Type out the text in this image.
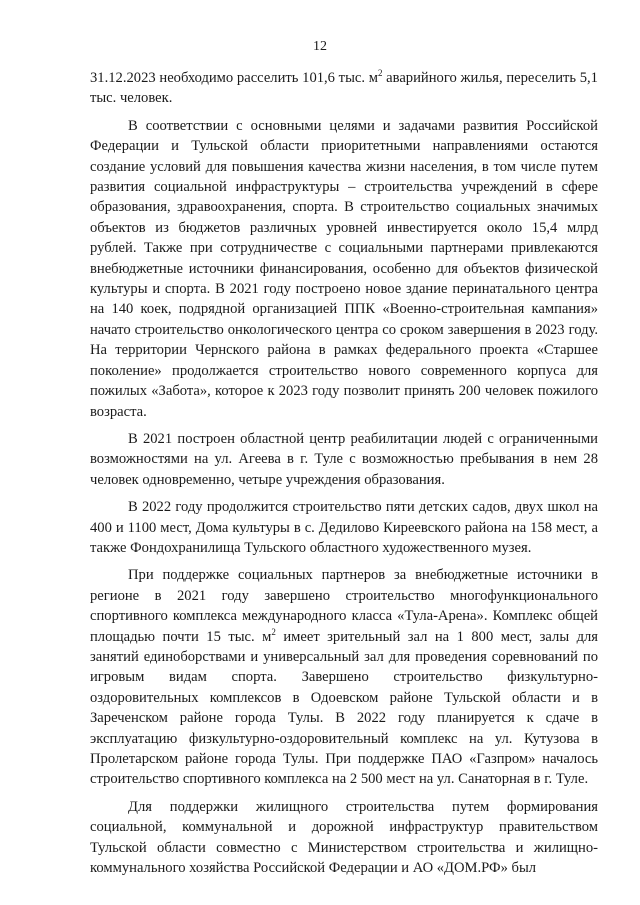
12

31.12.2023 необходимо расселить 101,6 тыс. $м^2$ аварийного жилья, переселить 5,1 тыс. человек.

В соответствии с основными целями и задачами развития Российской Федерации и Тульской области приоритетными направлениями остаются создание условий для повышения качества жизни населения, в том числе путем развития социальной инфраструктуры – строительства учреждений в сфере образования, здравоохранения, спорта. В строительство социальных значимых объектов из бюджетов различных уровней инвестируется около 15,4 млрд рублей. Также при сотрудничестве с социальными партнерами привлекаются внебюджетные источники финансирования, особенно для объектов физической культуры и спорта. В 2021 году построено новое здание перинатального центра на 140 коек, подрядной организацией ППК «Военно-строительная кампания» начато строительство онкологического центра со сроком завершения в 2023 году. На территории Чернского района в рамках федерального проекта «Старшее поколение» продолжается строительство нового современного корпуса для пожилых «Забота», которое к 2023 году позволит принять 200 человек пожилого возраста.

В 2021 построен областной центр реабилитации людей с ограниченными возможностями на ул. Агеева в г. Туле с возможностью пребывания в нем 28 человек одновременно, четыре учреждения образования.

В 2022 году продолжится строительство пяти детских садов, двух школ на 400 и 1100 мест, Дома культуры в с. Дедилово Киреевского района на 158 мест, а также Фондохранилища Тульского областного художественного музея.

При поддержке социальных партнеров за внебюджетные источники в регионе в 2021 году завершено строительство многофункционального спортивного комплекса международного класса «Тула-Арена». Комплекс общей площадью почти 15 тыс. $м^2$ имеет зрительный зал на 1 800 мест, залы для занятий единоборствами и универсальный зал для проведения соревнований по игровым видам спорта. Завершено строительство физкультурно-оздоровительных комплексов в Одоевском районе Тульской области и в Зареченском районе города Тулы. В 2022 году планируется к сдаче в эксплуатацию физкультурно-оздоровительный комплекс на ул. Кутузова в Пролетарском районе города Тулы. При поддержке ПАО «Газпром» началось строительство спортивного комплекса на 2 500 мест на ул. Санаторная в г. Туле.

Для поддержки жилищного строительства путем формирования социальной, коммунальной и дорожной инфраструктур правительством Тульской области совместно с Министерством строительства и жилищно-коммунального хозяйства Российской Федерации и АО «ДОМ.РФ» был
